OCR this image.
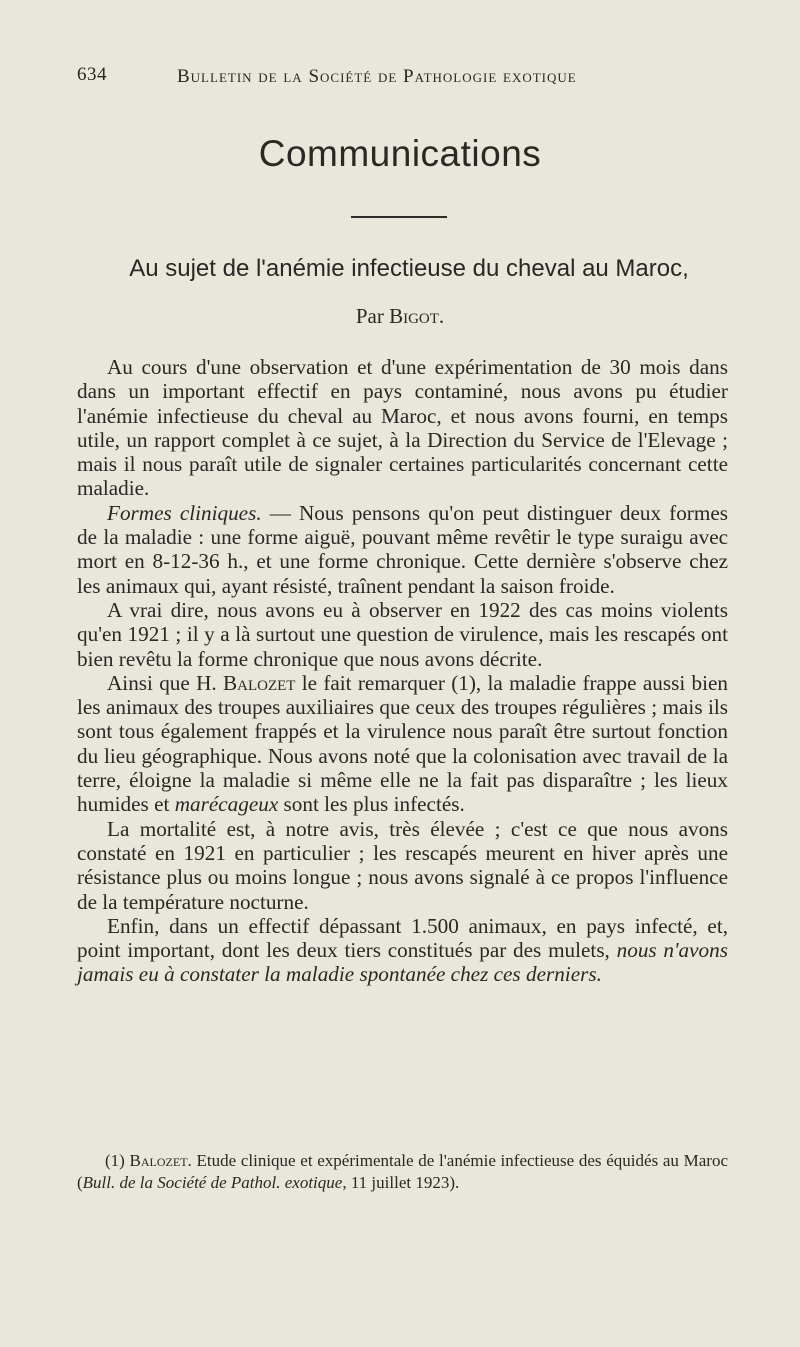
634	Bulletin de la Société de Pathologie exotique
Communications
Au sujet de l'anémie infectieuse du cheval au Maroc,
Par Bigot.

Au cours d'une observation et d'une expérimentation de 30 mois dans dans un important effectif en pays contaminé, nous avons pu étudier l'anémie infectieuse du cheval au Maroc, et nous avons fourni, en temps utile, un rapport complet à ce sujet, à la Direction du Service de l'Elevage ; mais il nous paraît utile de signaler certaines particularités concernant cette maladie.

Formes cliniques. — Nous pensons qu'on peut distinguer deux formes de la maladie : une forme aiguë, pouvant même revêtir le type suraigu avec mort en 8-12-36 h., et une forme chronique. Cette dernière s'observe chez les animaux qui, ayant résisté, traînent pendant la saison froide.

A vrai dire, nous avons eu à observer en 1922 des cas moins violents qu'en 1921 ; il y a là surtout une question de virulence, mais les rescapés ont bien revêtu la forme chronique que nous avons décrite.

Ainsi que H. Balozet le fait remarquer (1), la maladie frappe aussi bien les animaux des troupes auxiliaires que ceux des troupes régulières ; mais ils sont tous également frappés et la virulence nous paraît être surtout fonction du lieu géographique. Nous avons noté que la colonisation avec travail de la terre, éloigne la maladie si même elle ne la fait pas disparaître ; les lieux humides et marécageux sont les plus infectés.

La mortalité est, à notre avis, très élevée ; c'est ce que nous avons constaté en 1921 en particulier ; les rescapés meurent en hiver après une résistance plus ou moins longue ; nous avons signalé à ce propos l'influence de la température nocturne.

Enfin, dans un effectif dépassant 1.500 animaux, en pays infecté, et, point important, dont les deux tiers constitués par des mulets, nous n'avons jamais eu à constater la maladie spontanée chez ces derniers.

(1) Balozet. Etude clinique et expérimentale de l'anémie infectieuse des équidés au Maroc (Bull. de la Société de Pathol. exotique, 11 juillet 1923).
